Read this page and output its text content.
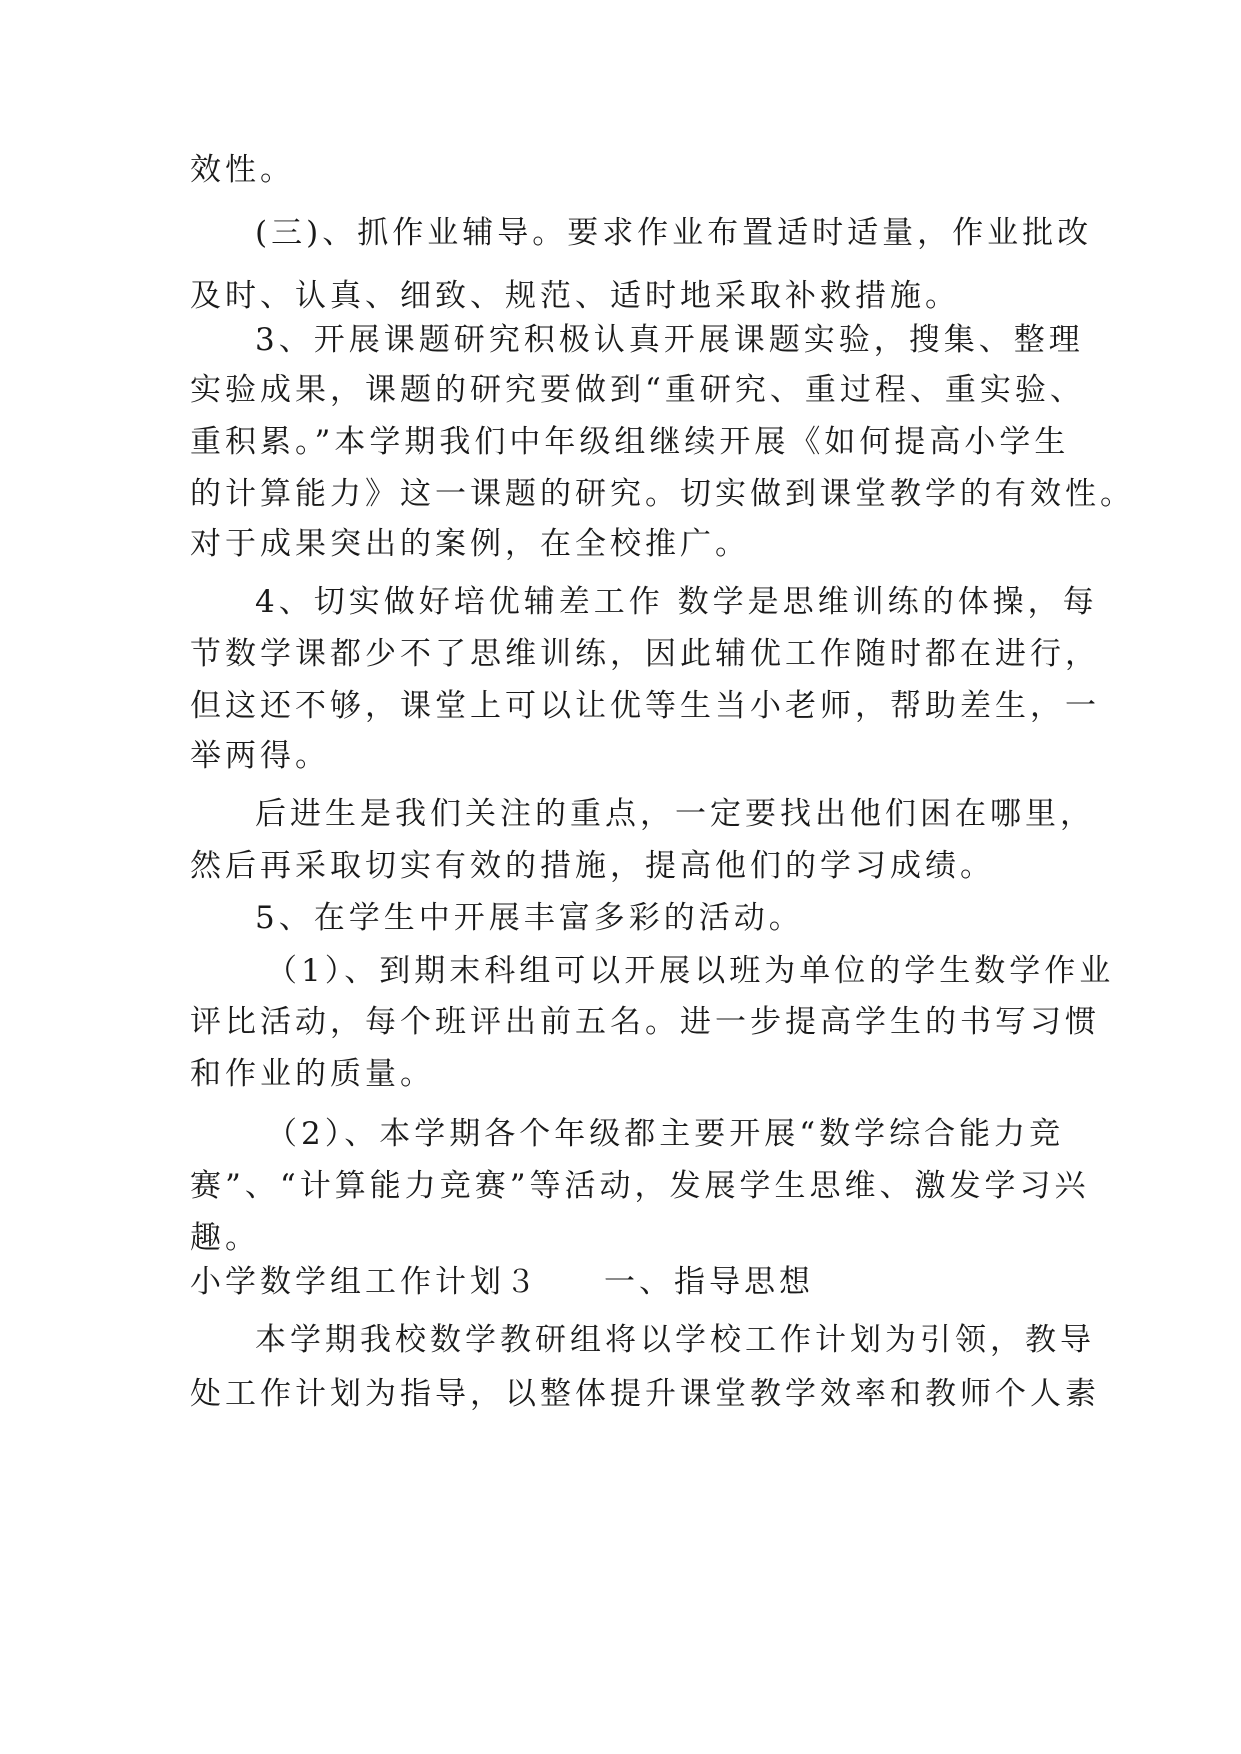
效性。
(三)、抓作业辅导。要求作业布置适时适量，作业批改
及时、认真、细致、规范、适时地采取补救措施。
3、开展课题研究积极认真开展课题实验，搜集、整理
实验成果，课题的研究要做到“重研究、重过程、重实验、
重积累。”本学期我们中年级组继续开展《如何提高小学生
的计算能力》这一课题的研究。切实做到课堂教学的有效性。
对于成果突出的案例，在全校推广。
4、切实做好培优辅差工作 数学是思维训练的体操，每
节数学课都少不了思维训练，因此辅优工作随时都在进行，
但这还不够，课堂上可以让优等生当小老师，帮助差生，一
举两得。
后进生是我们关注的重点，一定要找出他们困在哪里，
然后再采取切实有效的措施，提高他们的学习成绩。
5、在学生中开展丰富多彩的活动。
（1）、到期末科组可以开展以班为单位的学生数学作业
评比活动，每个班评出前五名。进一步提高学生的书写习惯
和作业的质量。
（2）、本学期各个年级都主要开展“数学综合能力竞
赛”、“计算能力竞赛”等活动，发展学生思维、激发学习兴
趣。
小学数学组工作计划３ 一、指导思想
本学期我校数学教研组将以学校工作计划为引领，教导
处工作计划为指导，以整体提升课堂教学效率和教师个人素
